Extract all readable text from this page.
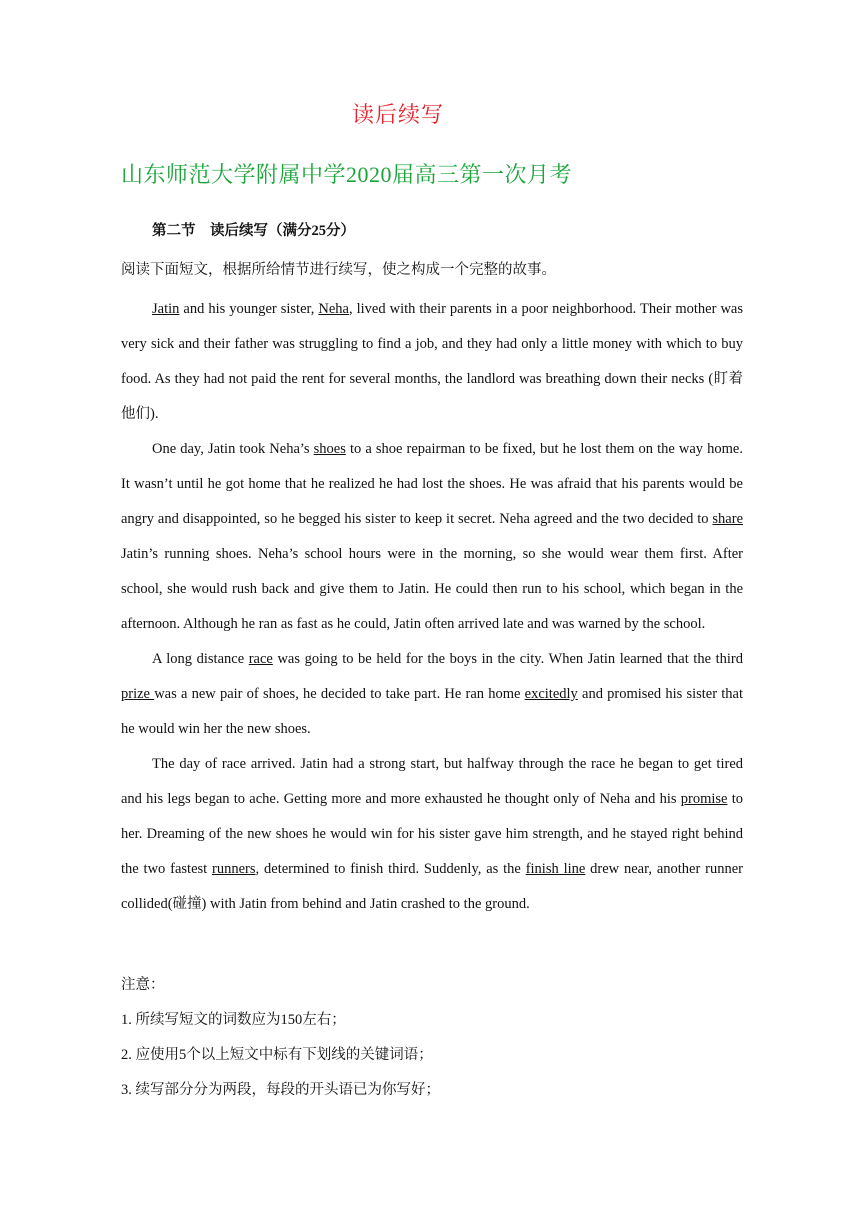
读后续写
山东师范大学附属中学2020届高三第一次月考
第二节　读后续写（满分25分）
阅读下面短文，根据所给情节进行续写，使之构成一个完整的故事。

Jatin and his younger sister, Neha, lived with their parents in a poor neighborhood. Their mother was very sick and their father was struggling to find a job, and they had only a little money with which to buy food. As they had not paid the rent for several months, the landlord was breathing down their necks (盯着他们).

One day, Jatin took Neha’s shoes to a shoe repairman to be fixed, but he lost them on the way home. It wasn’t until he got home that he realized he had lost the shoes. He was afraid that his parents would be angry and disappointed, so he begged his sister to keep it secret. Neha agreed and the two decided to share Jatin’s running shoes. Neha’s school hours were in the morning, so she would wear them first. After school, she would rush back and give them to Jatin. He could then run to his school, which began in the afternoon. Although he ran as fast as he could, Jatin often arrived late and was warned by the school.

A long distance race was going to be held for the boys in the city. When Jatin learned that the third prize was a new pair of shoes, he decided to take part. He ran home excitedly and promised his sister that he would win her the new shoes.

The day of race arrived. Jatin had a strong start, but halfway through the race he began to get tired and his legs began to ache. Getting more and more exhausted he thought only of Neha and his promise to her. Dreaming of the new shoes he would win for his sister gave him strength, and he stayed right behind the two fastest runners, determined to finish third. Suddenly, as the finish line drew near, another runner collided(碰撞) with Jatin from behind and Jatin crashed to the ground.

注意：
1. 所续写短文的词数应为150左右；
2. 应使用5个以上短文中标有下划线的关键词语；
3. 续写部分分为两段，每段的开头语已为你写好；
